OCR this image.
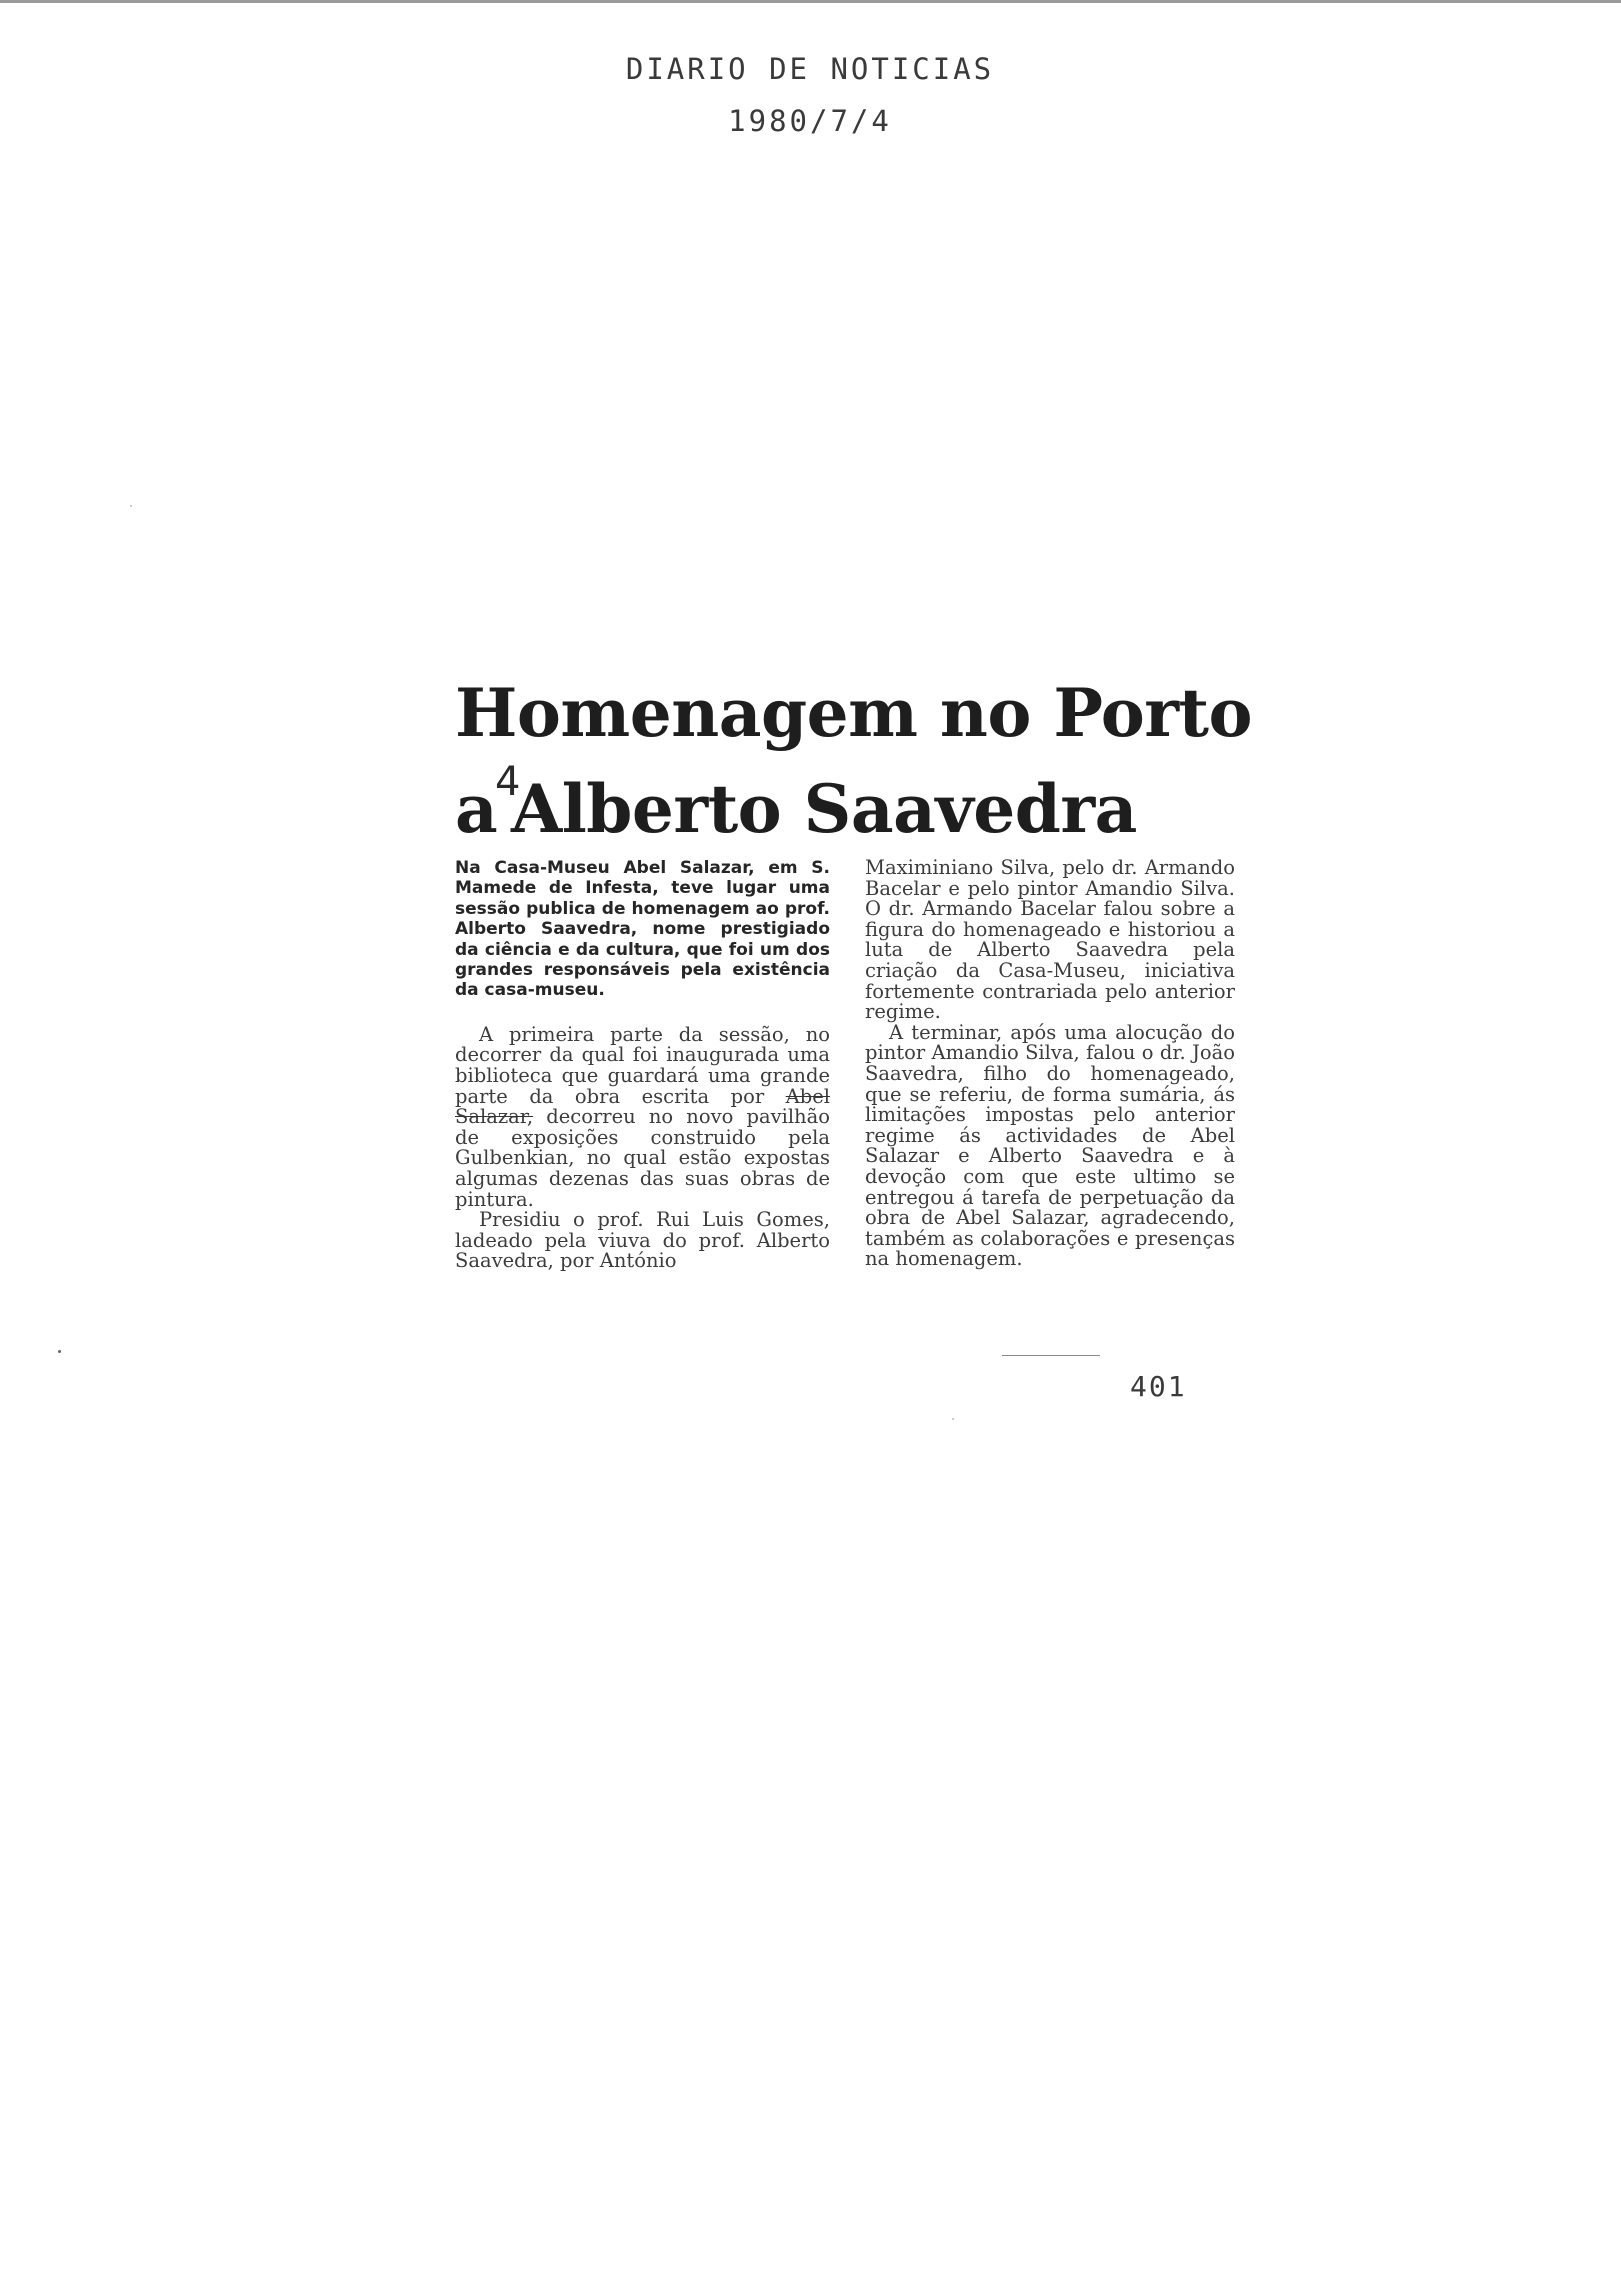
DIARIO DE NOTICIAS
1980/7/4
Homenagem no Porto
a Alberto Saavedra
4

Na Casa-Museu Abel Salazar, em S. Mamede de Infesta, teve lugar uma sessão publica de homenagem ao prof. Alberto Saavedra, nome prestigiado da ciência e da cultura, que foi um dos grandes responsáveis pela existência da casa-museu.

A primeira parte da sessão, no decorrer da qual foi inaugurada uma biblioteca que guardará uma grande parte da obra escrita por Abel Salazar, decorreu no novo pavilhão de exposições construido pela Gulbenkian, no qual estão expostas algumas dezenas das suas obras de pintura.

Presidiu o prof. Rui Luis Gomes, ladeado pela viuva do prof. Alberto Saavedra, por António

Maximiniano Silva, pelo dr. Armando Bacelar e pelo pintor Amandio Silva. O dr. Armando Bacelar falou sobre a figura do homenageado e historiou a luta de Alberto Saavedra pela criação da Casa-Museu, iniciativa fortemente contrariada pelo anterior regime.

A terminar, após uma alocução do pintor Amandio Silva, falou o dr. João Saavedra, filho do homenageado, que se referiu, de forma sumária, ás limitações impostas pelo anterior regime ás actividades de Abel Salazar e Alberto Saavedra e à devoção com que este ultimo se entregou á tarefa de perpetuação da obra de Abel Salazar, agradecendo, também as colaborações e presenças na homenagem.

401
